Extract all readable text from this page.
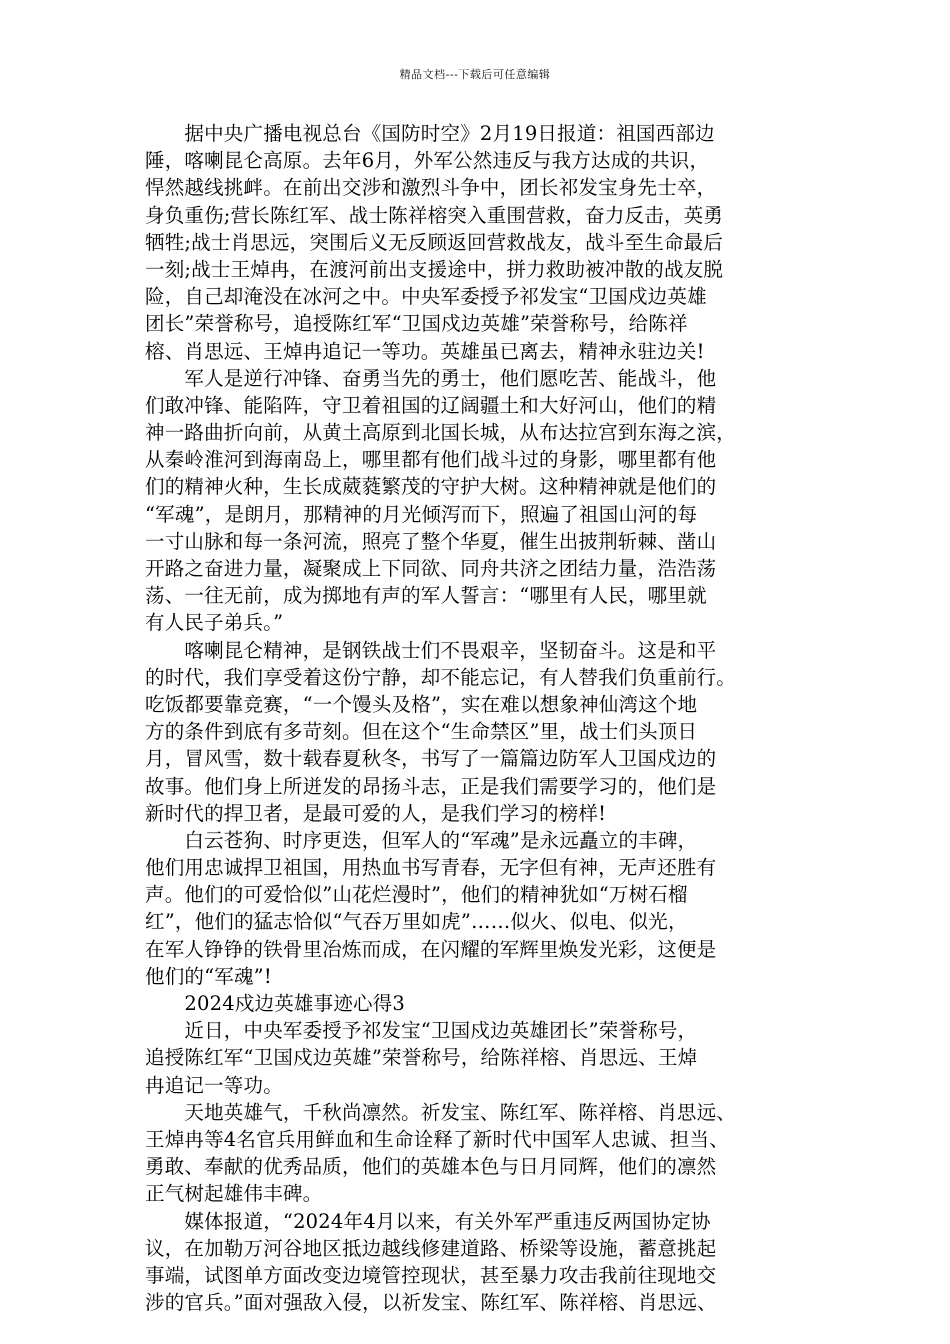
精品文档---下载后可任意编辑
　　据中央广播电视总台《国防时空》2月19日报道：祖国西部边
陲，喀喇昆仑高原。去年6月，外军公然违反与我方达成的共识，
悍然越线挑衅。在前出交涉和激烈斗争中，团长祁发宝身先士卒，
身负重伤;营长陈红军、战士陈祥榕突入重围营救，奋力反击，英勇
牺牲;战士肖思远，突围后义无反顾返回营救战友，战斗至生命最后
一刻;战士王焯冉，在渡河前出支援途中，拼力救助被冲散的战友脱
险，自己却淹没在冰河之中。中央军委授予祁发宝“卫国戍边英雄
团长”荣誉称号，追授陈红军“卫国戍边英雄”荣誉称号，给陈祥
榕、肖思远、王焯冉追记一等功。英雄虽已离去，精神永驻边关!
　　军人是逆行冲锋、奋勇当先的勇士，他们愿吃苦、能战斗，他
们敢冲锋、能陷阵，守卫着祖国的辽阔疆土和大好河山，他们的精
神一路曲折向前，从黄土高原到北国长城，从布达拉宫到东海之滨，
从秦岭淮河到海南岛上，哪里都有他们战斗过的身影，哪里都有他
们的精神火种，生长成葳蕤繁茂的守护大树。这种精神就是他们的
“军魂”，是朗月，那精神的月光倾泻而下，照遍了祖国山河的每
一寸山脉和每一条河流，照亮了整个华夏，催生出披荆斩棘、凿山
开路之奋进力量，凝聚成上下同欲、同舟共济之团结力量，浩浩荡
荡、一往无前，成为掷地有声的军人誓言：“哪里有人民，哪里就
有人民子弟兵。”
　　喀喇昆仑精神，是钢铁战士们不畏艰辛，坚韧奋斗。这是和平
的时代，我们享受着这份宁静，却不能忘记，有人替我们负重前行。
吃饭都要靠竞赛，“一个馒头及格”，实在难以想象神仙湾这个地
方的条件到底有多苛刻。但在这个“生命禁区”里，战士们头顶日
月，冒风雪，数十载春夏秋冬，书写了一篇篇边防军人卫国戍边的
故事。他们身上所迸发的昂扬斗志，正是我们需要学习的，他们是
新时代的捍卫者，是最可爱的人，是我们学习的榜样!
　　白云苍狗、时序更迭，但军人的“军魂”是永远矗立的丰碑，
他们用忠诚捍卫祖国，用热血书写青春，无字但有神，无声还胜有
声。他们的可爱恰似”山花烂漫时”，他们的精神犹如“万树石榴
红”，他们的猛志恰似“气吞万里如虎”……似火、似电、似光，
在军人铮铮的铁骨里冶炼而成，在闪耀的军辉里焕发光彩，这便是
他们的“军魂”!
　　2024戍边英雄事迹心得3
　　近日，中央军委授予祁发宝“卫国戍边英雄团长”荣誉称号，
追授陈红军“卫国戍边英雄”荣誉称号，给陈祥榕、肖思远、王焯
冉追记一等功。
　　天地英雄气，千秋尚凛然。祈发宝、陈红军、陈祥榕、肖思远、
王焯冉等4名官兵用鲜血和生命诠释了新时代中国军人忠诚、担当、
勇敢、奉献的优秀品质，他们的英雄本色与日月同辉，他们的凛然
正气树起雄伟丰碑。
　　媒体报道，“2024年4月以来，有关外军严重违反两国协定协
议，在加勒万河谷地区抵边越线修建道路、桥梁等设施，蓄意挑起
事端，试图单方面改变边境管控现状，甚至暴力攻击我前往现地交
涉的官兵。”面对强敌入侵，以祈发宝、陈红军、陈祥榕、肖思远、
